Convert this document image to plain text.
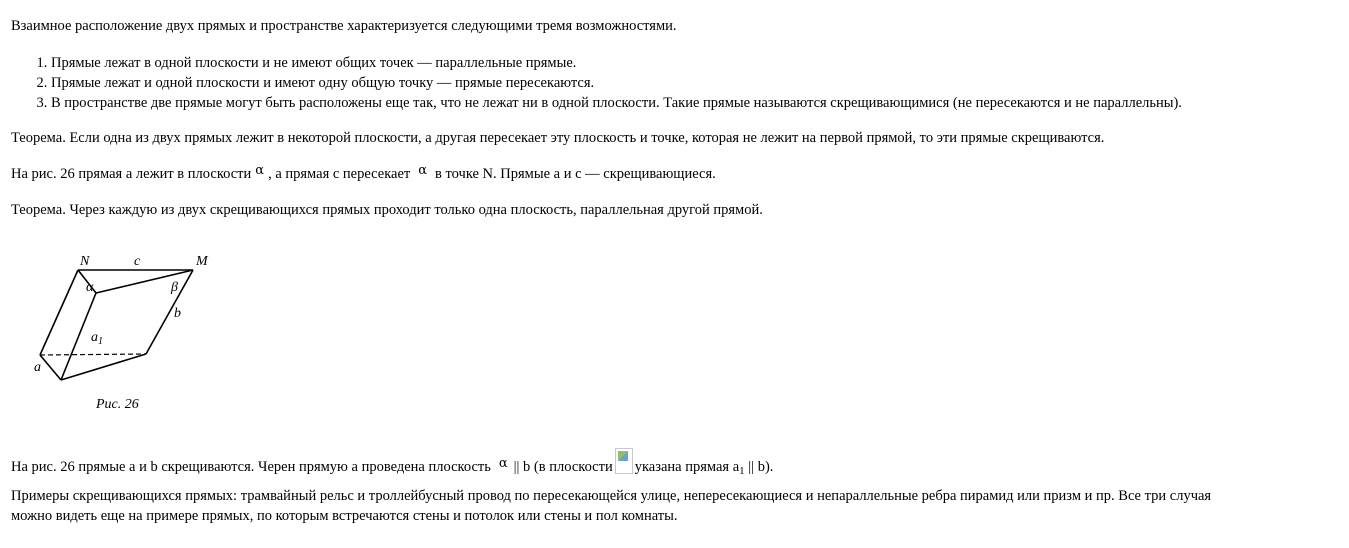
Взаимное расположение двух прямых и пространстве характеризуется следующими тремя возможностями.

1. Прямые лежат в одной плоскости и не имеют общих точек — параллельные прямые.
2. Прямые лежат и одной плоскости и имеют одну общую точку — прямые пересекаются.
3. В пространстве две прямые могут быть расположены еще так, что не лежат ни в одной плоскости. Такие прямые называются скрещивающимися (не пересекаются и не параллельны).

Теорема. Если одна из двух прямых лежит в некоторой плоскости, а другая пересекает эту плоскость и точке, которая не лежит на первой прямой, то эти прямые скрещиваются.

На рис. 26 прямая а лежит в плоскости α , а прямая с пересекает α в точке N. Прямые а и с — скрещивающиеся.

Теорема. Через каждую из двух скрещивающихся прямых проходит только одна плоскость, параллельная другой прямой.

N	c	M
α	β
b
$a_1$
a
Рис. 26

На рис. 26 прямые а и b скрещиваются. Черен прямую а проведена плоскость α || b (в плоскости указана прямая $a_1$ || b).

Примеры скрещивающихся прямых: трамвайный рельс и троллейбусный провод по пересекающейся улице, непересекающиеся и непараллельные ребра пирамид или призм и пр. Все три случая

можно видеть еще на примере прямых, по которым встречаются стены и потолок или стены и пол комнаты.
